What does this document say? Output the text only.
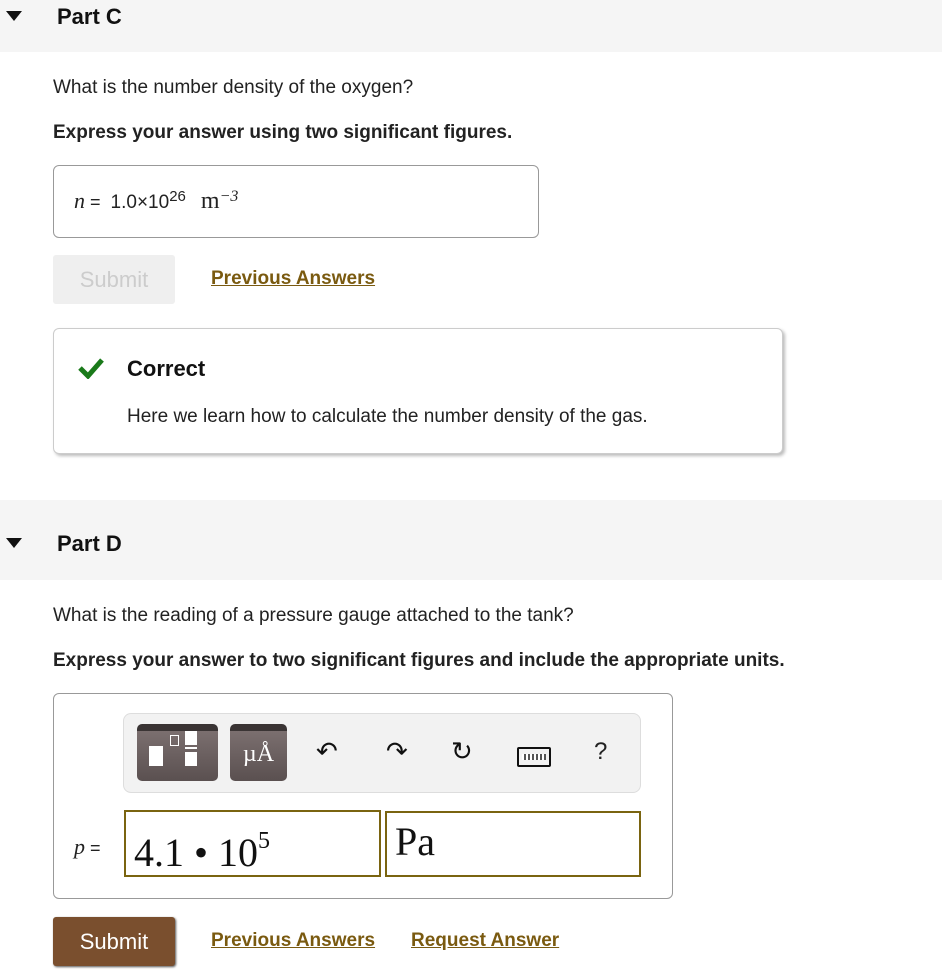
Part C
What is the number density of the oxygen?
Express your answer using two significant figures.
$n = 1.0\times 10^{26}$ $m^{-3}$
Submit	Previous Answers
Correct
Here we learn how to calculate the number density of the gas.
Part D
What is the reading of a pressure gauge attached to the tank?
Express your answer to two significant figures and include the appropriate units.
µÅ	↶ ↷ ↻	?
p = 4.1 • $10^5$	Pa
Submit	Previous Answers Request Answer
